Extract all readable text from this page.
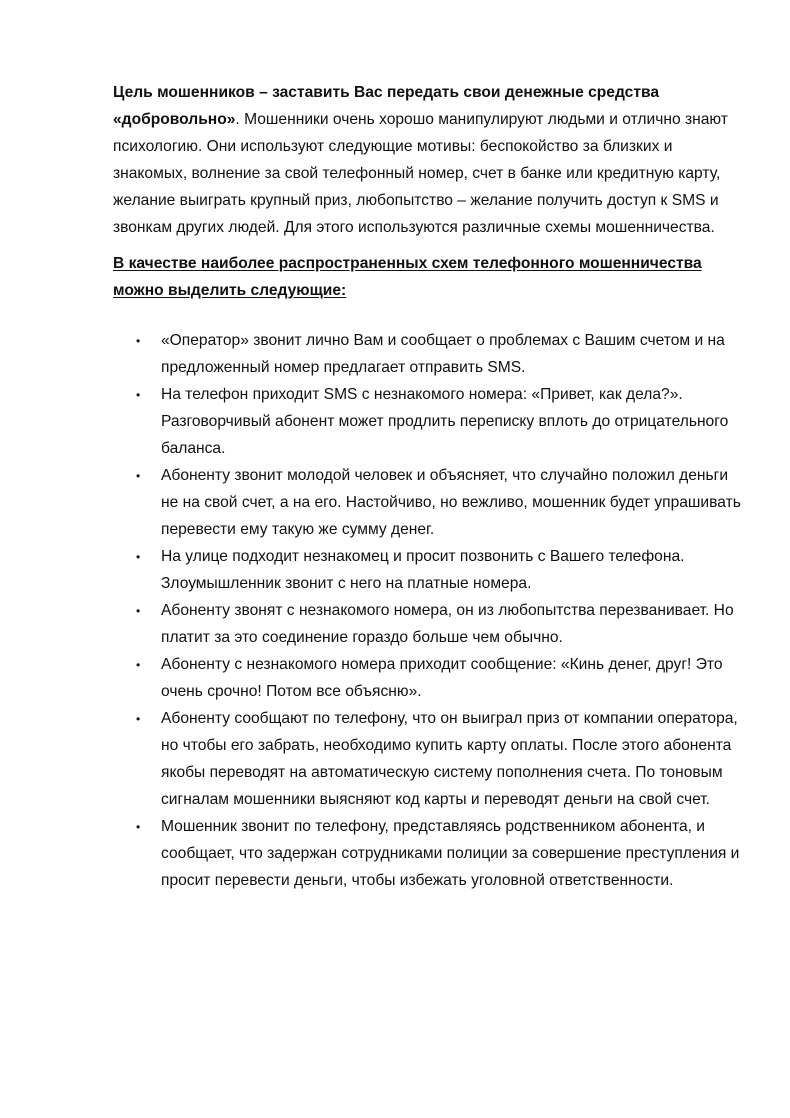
Цель мошенников – заставить Вас передать свои денежные средства «добровольно». Мошенники очень хорошо манипулируют людьми и отлично знают психологию. Они используют следующие мотивы: беспокойство за близких и знакомых, волнение за свой телефонный номер, счет в банке или кредитную карту, желание выиграть крупный приз, любопытство – желание получить доступ к SMS и звонкам других людей. Для этого используются различные схемы мошенничества.

В качестве наиболее распространенных схем телефонного мошенничества можно выделить следующие:

• «Оператор» звонит лично Вам и сообщает о проблемах с Вашим счетом и на предложенный номер предлагает отправить SMS.
• На телефон приходит SMS с незнакомого номера: «Привет, как дела?». Разговорчивый абонент может продлить переписку вплоть до отрицательного баланса.
• Абоненту звонит молодой человек и объясняет, что случайно положил деньги не на свой счет, а на его. Настойчиво, но вежливо, мошенник будет упрашивать перевести ему такую же сумму денег.
• На улице подходит незнакомец и просит позвонить с Вашего телефона. Злоумышленник звонит с него на платные номера.
• Абоненту звонят с незнакомого номера, он из любопытства перезванивает. Но платит за это соединение гораздо больше чем обычно.
• Абоненту с незнакомого номера приходит сообщение: «Кинь денег, друг! Это очень срочно! Потом все объясню».
• Абоненту сообщают по телефону, что он выиграл приз от компании оператора, но чтобы его забрать, необходимо купить карту оплаты. После этого абонента якобы переводят на автоматическую систему пополнения счета. По тоновым сигналам мошенники выясняют код карты и переводят деньги на свой счет.
• Мошенник звонит по телефону, представляясь родственником абонента, и сообщает, что задержан сотрудниками полиции за совершение преступления и просит перевести деньги, чтобы избежать уголовной ответственности.
